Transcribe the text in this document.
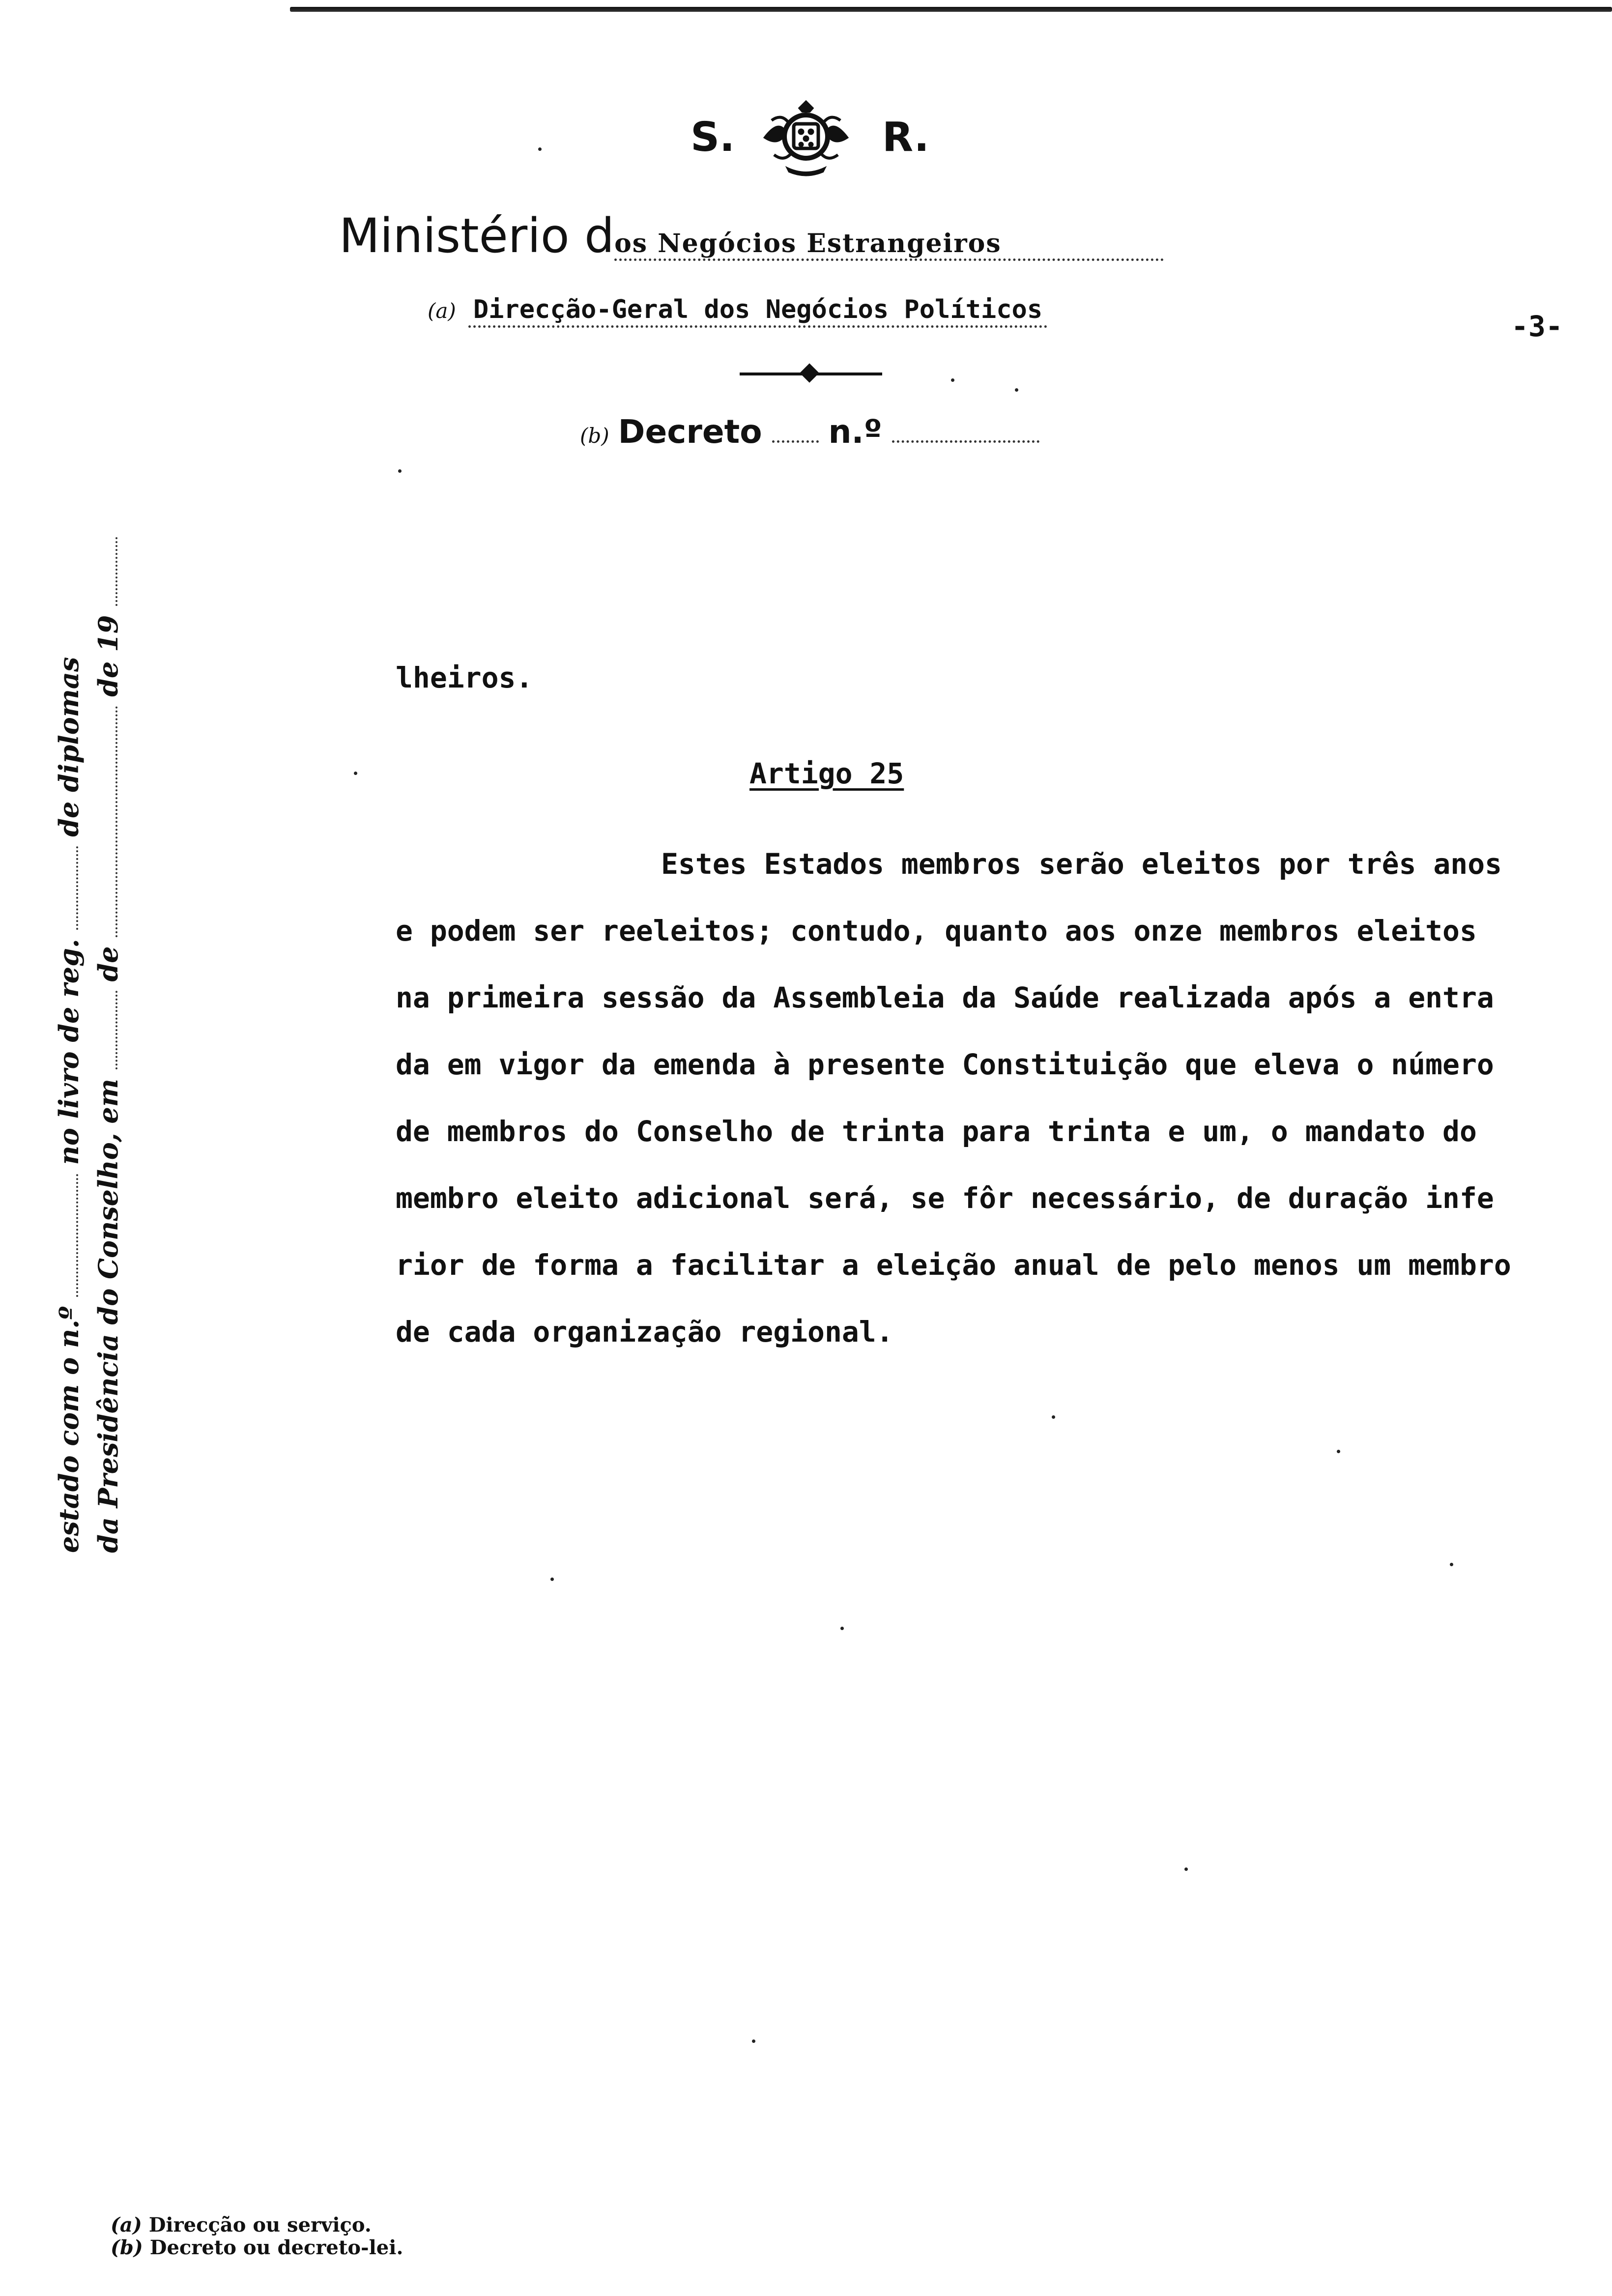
S.	R.
Ministério dos Negócios Estrangeiros
(a) Direcção-Geral dos Negócios Políticos	-3-
(b) Decreto n.º
estado com o n.º  no livro de reg.  de diplomas
da Presidência do Conselho, em  de  de 19	lheiros.
Artigo 25
Estes Estados membros serão eleitos por três anos
e podem ser reeleitos; contudo, quanto aos onze membros eleitos
na primeira sessão da Assembleia da Saúde realizada após a entra
da em vigor da emenda à presente Constituição que eleva o número
de membros do Conselho de trinta para trinta e um, o mandato do
membro eleito adicional será, se fôr necessário, de duração infe
rior de forma a facilitar a eleição anual de pelo menos um membro
de cada organização regional.
(a) Direcção ou serviço.
(b) Decreto ou decreto-lei.
